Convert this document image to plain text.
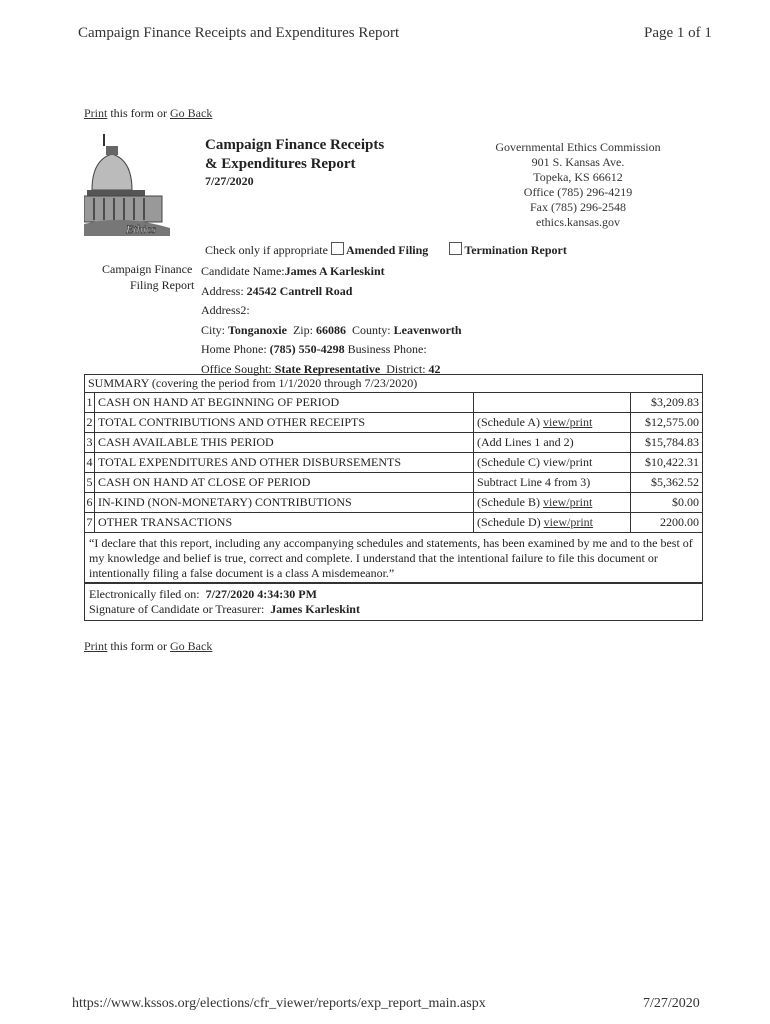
Campaign Finance Receipts and Expenditures Report	Page 1 of 1
Print this form or Go Back
Ethics
Campaign Finance Receipts
& Expenditures Report
7/27/2020
Governmental Ethics Commission
901 S. Kansas Ave.
Topeka, KS 66612
Office (785) 296-4219
Fax (785) 296-2548
ethics.kansas.gov
Check only if appropriate Amended Filing	Termination Report
Campaign Finance
Filing Report
Candidate Name:James A Karleskint
Address: 24542 Cantrell Road
Address2:
City: Tonganoxie Zip: 66086 County: Leavenworth
Home Phone: (785) 550-4298 Business Phone:
Office Sought: State Representative District: 42
SUMMARY (covering the period from 1/1/2020 through 7/23/2020)
1	CASH ON HAND AT BEGINNING OF PERIOD		$3,209.83
2	TOTAL CONTRIBUTIONS AND OTHER RECEIPTS	(Schedule A) view/print	$12,575.00
3	CASH AVAILABLE THIS PERIOD	(Add Lines 1 and 2)	$15,784.83
4	TOTAL EXPENDITURES AND OTHER DISBURSEMENTS	(Schedule C) view/print	$10,422.31
5	CASH ON HAND AT CLOSE OF PERIOD	Subtract Line 4 from 3)	$5,362.52
6	IN-KIND (NON-MONETARY) CONTRIBUTIONS	(Schedule B) view/print	$0.00
7	OTHER TRANSACTIONS	(Schedule D) view/print	2200.00
“I declare that this report, including any accompanying schedules and statements, has been examined by me and to the best of my knowledge and belief is true, correct and complete. I understand that the intentional failure to file this document or intentionally filing a false document is a class A misdemeanor.”
Electronically filed on: 7/27/2020 4:34:30 PM
Signature of Candidate or Treasurer: James Karleskint
Print this form or Go Back
https://www.kssos.org/elections/cfr_viewer/reports/exp_report_main.aspx	7/27/2020
